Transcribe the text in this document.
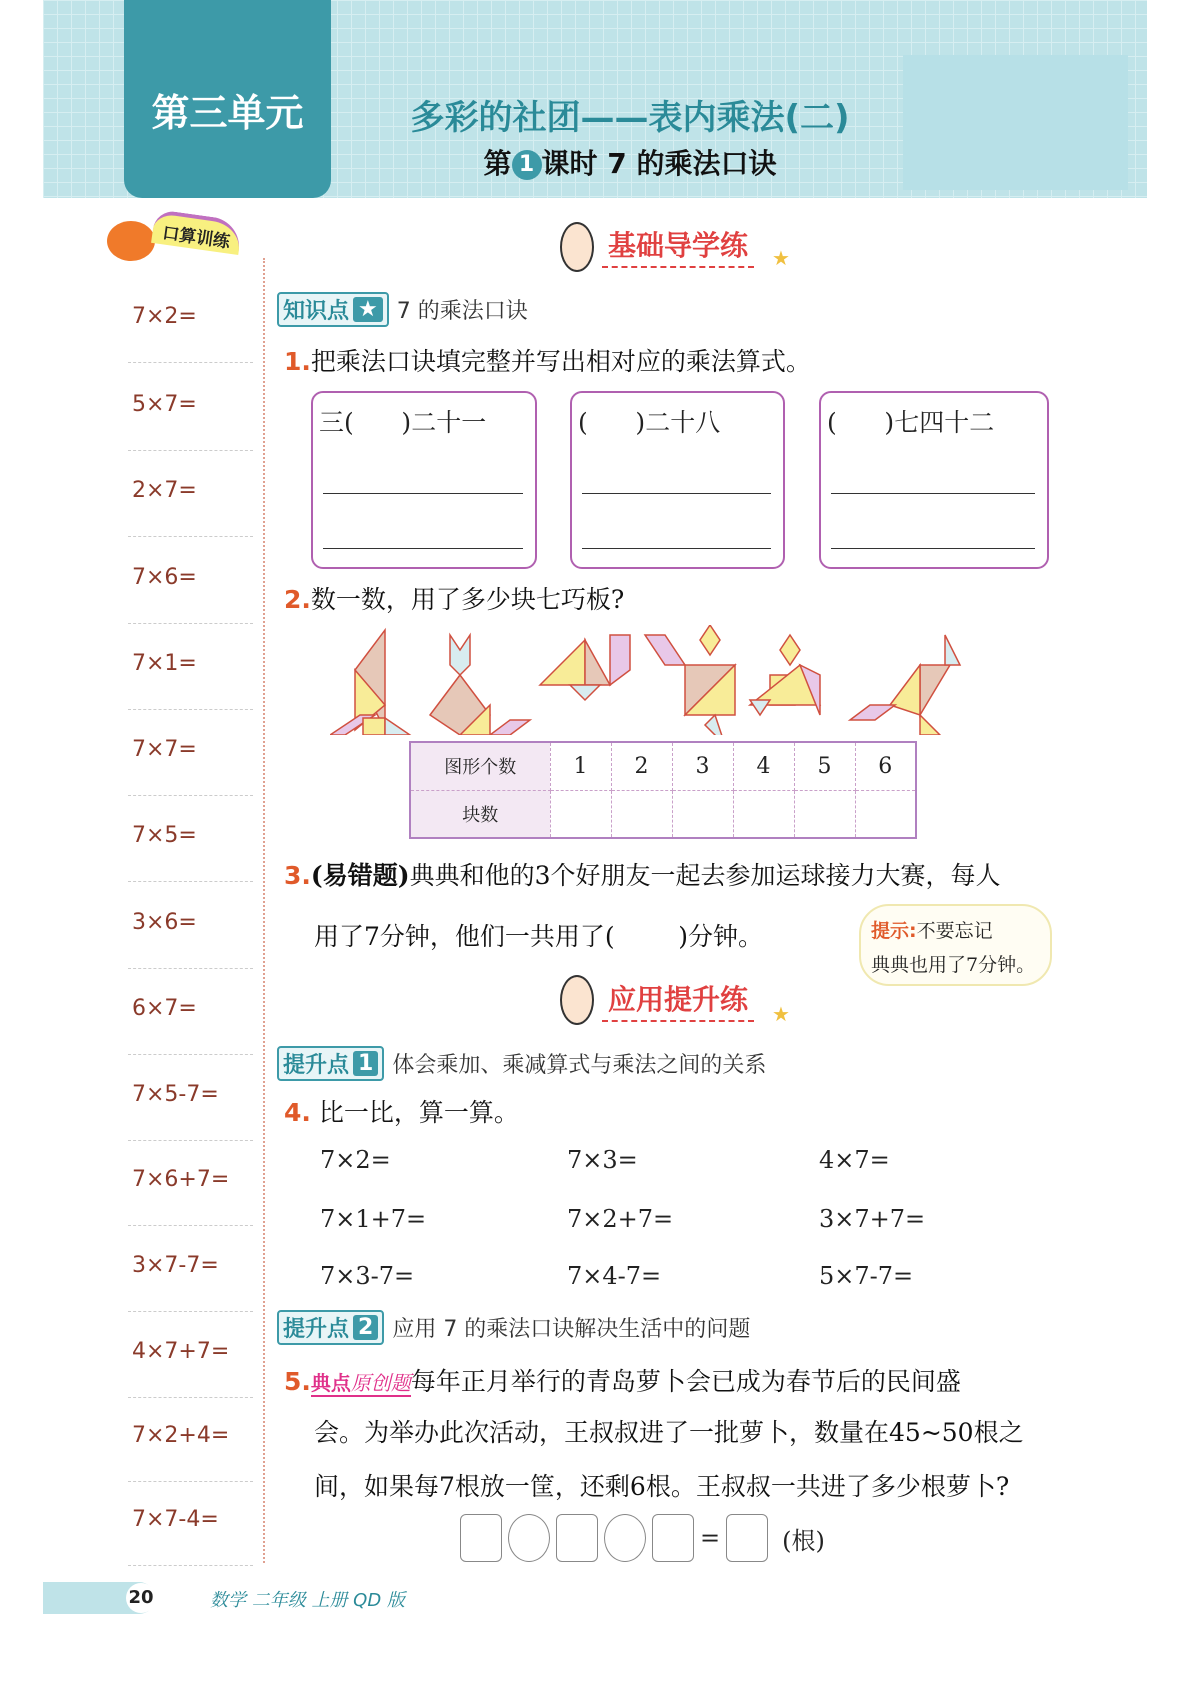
第三单元	多彩的社团——表内乘法(二)
第 1 课时 7 的乘法口诀
口算训练
7×2=
5×7=
2×7=
7×6=
7×1=
7×7=
7×5=
3×6=
6×7=
7×5-7=
7×6+7=
3×7-7=
4×7+7=
7×2+4=
7×7-4=
基础导学练	★
知识点 ★ 7 的乘法口诀
1.把乘法口诀填完整并写出相对应的乘法算式。
三(      )二十一	(      )二十八	(      )七四十二
2.数一数，用了多少块七巧板?
图形个数	1	2	3	4	5	6
块数						
3.(易错题)典典和他的3个好朋友一起去参加运球接力大赛，每人
用了7分钟，他们一共用了(        )分钟。	提示:不要忘记
典典也用了7分钟。
应用提升练	★
提升点 1 体会乘加、乘减算式与乘法之间的关系
4. 比一比，算一算。
7×2=	7×3=	4×7=
7×1+7=	7×2+7=	3×7+7=
7×3-7=	7×4-7=	5×7-7=
提升点 2 应用 7 的乘法口诀解决生活中的问题
5.典点原创题每年正月举行的青岛萝卜会已成为春节后的民间盛
会。为举办此次活动，王叔叔进了一批萝卜，数量在45~50根之
间，如果每7根放一筐，还剩6根。王叔叔一共进了多少根萝卜?
=	(根)
20	数学 二年级 上册 QD 版
